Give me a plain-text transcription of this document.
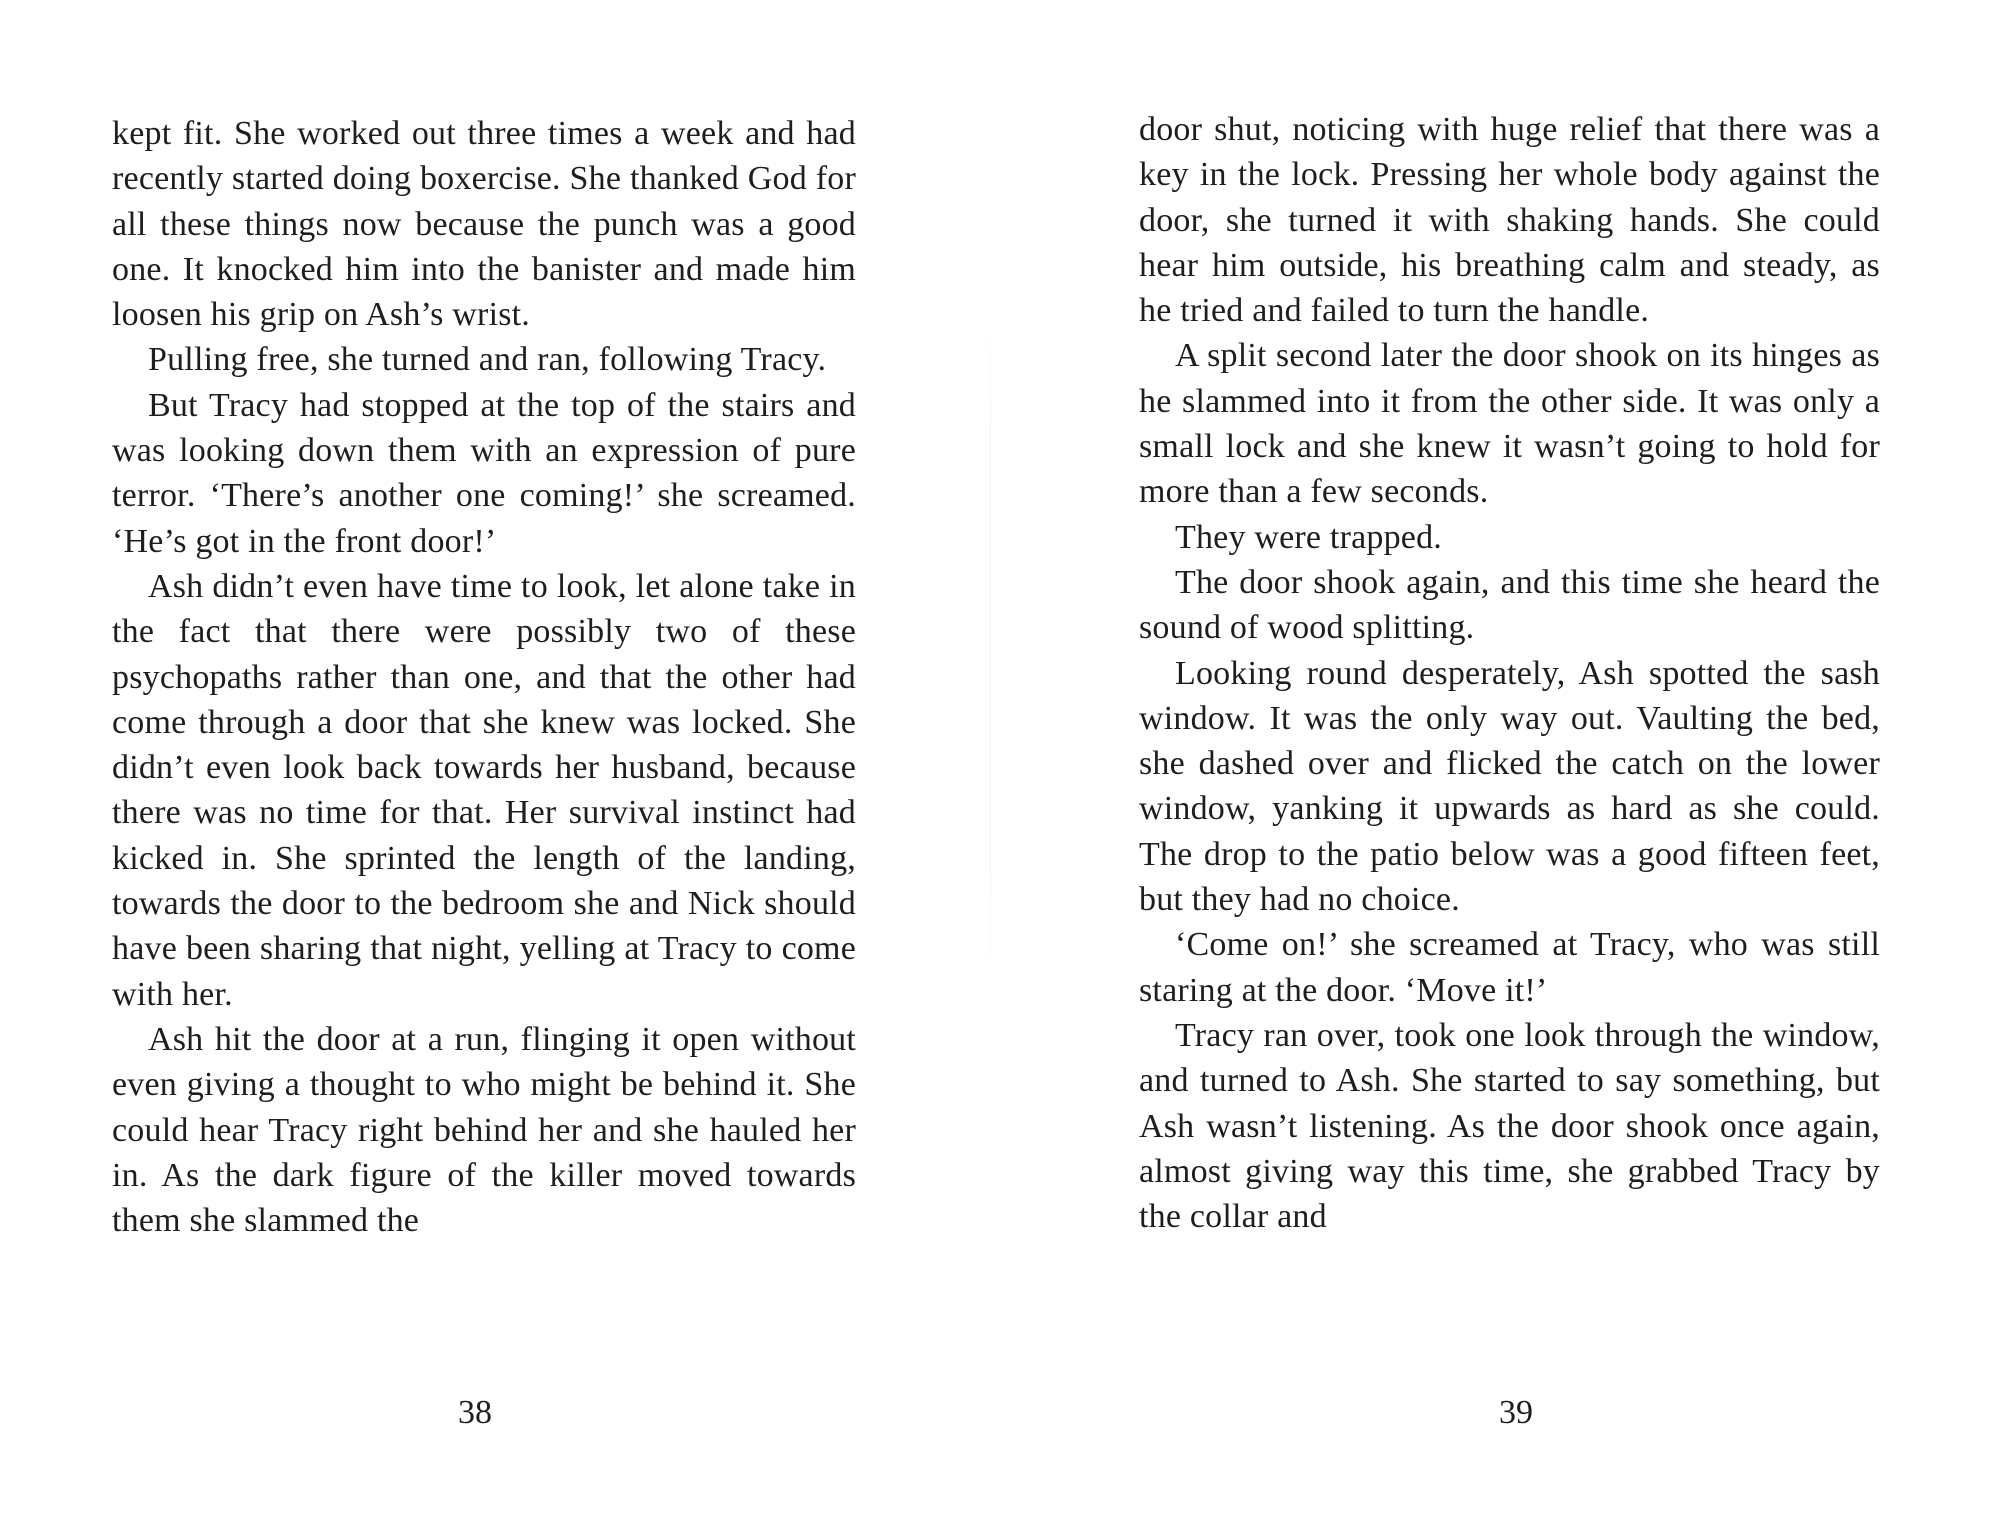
kept fit. She worked out three times a week and had recently started doing boxercise. She thanked God for all these things now because the punch was a good one. It knocked him into the banister and made him loosen his grip on Ash’s wrist.

Pulling free, she turned and ran, following Tracy.

But Tracy had stopped at the top of the stairs and was looking down them with an expression of pure terror. ‘There’s another one coming!’ she screamed. ‘He’s got in the front door!’

Ash didn’t even have time to look, let alone take in the fact that there were possibly two of these psychopaths rather than one, and that the other had come through a door that she knew was locked. She didn’t even look back towards her husband, because there was no time for that. Her survival instinct had kicked in. She sprinted the length of the landing, towards the door to the bedroom she and Nick should have been sharing that night, yelling at Tracy to come with her.

Ash hit the door at a run, flinging it open without even giving a thought to who might be behind it. She could hear Tracy right behind her and she hauled her in. As the dark figure of the killer moved towards them she slammed the

38

door shut, noticing with huge relief that there was a key in the lock. Pressing her whole body against the door, she turned it with shaking hands. She could hear him outside, his breathing calm and steady, as he tried and failed to turn the handle.

A split second later the door shook on its hinges as he slammed into it from the other side. It was only a small lock and she knew it wasn’t going to hold for more than a few seconds.

They were trapped.

The door shook again, and this time she heard the sound of wood splitting.

Looking round desperately, Ash spotted the sash window. It was the only way out. Vaulting the bed, she dashed over and flicked the catch on the lower window, yanking it upwards as hard as she could. The drop to the patio below was a good fifteen feet, but they had no choice.

‘Come on!’ she screamed at Tracy, who was still staring at the door. ‘Move it!’

Tracy ran over, took one look through the window, and turned to Ash. She started to say something, but Ash wasn’t listening. As the door shook once again, almost giving way this time, she grabbed Tracy by the collar and

39
